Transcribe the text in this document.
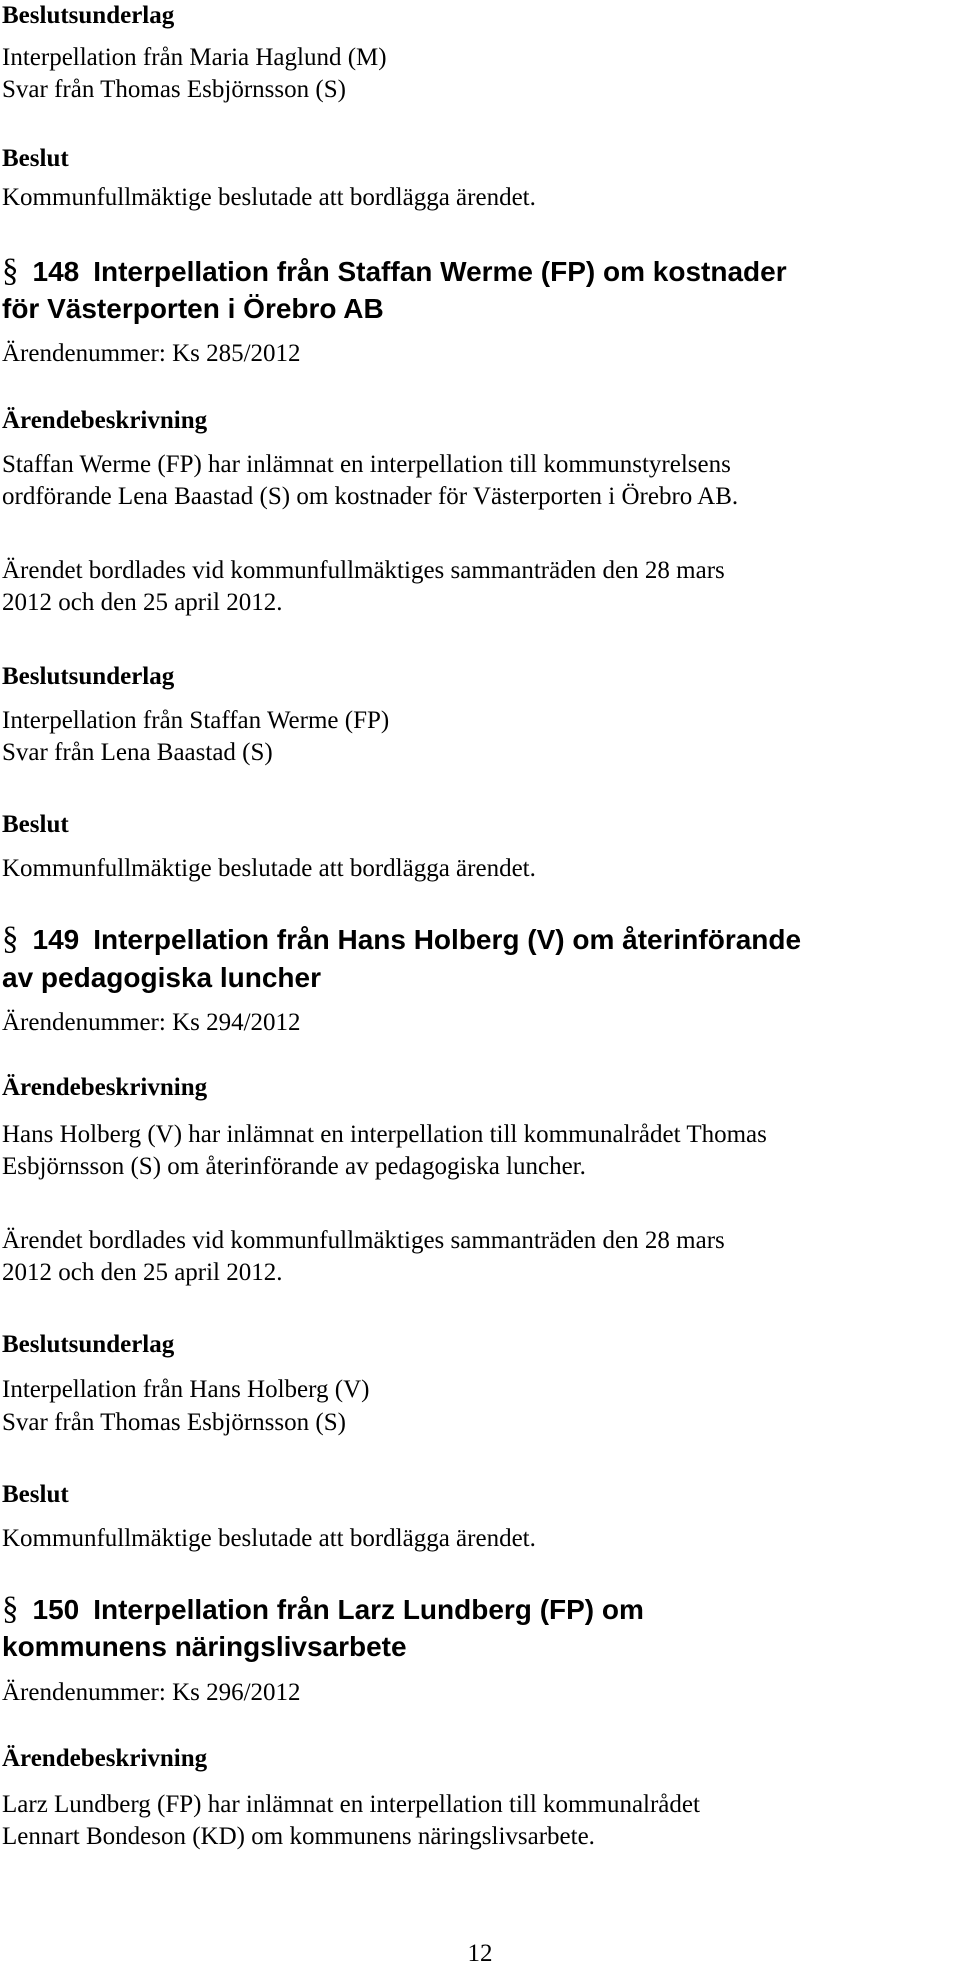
Beslutsunderlag
Interpellation från Maria Haglund (M)
Svar från Thomas Esbjörnsson (S)
Beslut
Kommunfullmäktige beslutade att bordlägga ärendet.
§ 148 Interpellation från Staffan Werme (FP) om kostnader
för Västerporten i Örebro AB
Ärendenummer: Ks 285/2012
Ärendebeskrivning
Staffan Werme (FP) har inlämnat en interpellation till kommunstyrelsens
ordförande Lena Baastad (S) om kostnader för Västerporten i Örebro AB.
Ärendet bordlades vid kommunfullmäktiges sammanträden den 28 mars
2012 och den 25 april 2012.
Beslutsunderlag
Interpellation från Staffan Werme (FP)
Svar från Lena Baastad (S)
Beslut
Kommunfullmäktige beslutade att bordlägga ärendet.
§ 149 Interpellation från Hans Holberg (V) om återinförande
av pedagogiska luncher
Ärendenummer: Ks 294/2012
Ärendebeskrivning
Hans Holberg (V) har inlämnat en interpellation till kommunalrådet Thomas
Esbjörnsson (S) om återinförande av pedagogiska luncher.
Ärendet bordlades vid kommunfullmäktiges sammanträden den 28 mars
2012 och den 25 april 2012.
Beslutsunderlag
Interpellation från Hans Holberg (V)
Svar från Thomas Esbjörnsson (S)
Beslut
Kommunfullmäktige beslutade att bordlägga ärendet.
§ 150 Interpellation från Larz Lundberg (FP) om
kommunens näringslivsarbete
Ärendenummer: Ks 296/2012
Ärendebeskrivning
Larz Lundberg (FP) har inlämnat en interpellation till kommunalrådet
Lennart Bondeson (KD) om kommunens näringslivsarbete.
12
